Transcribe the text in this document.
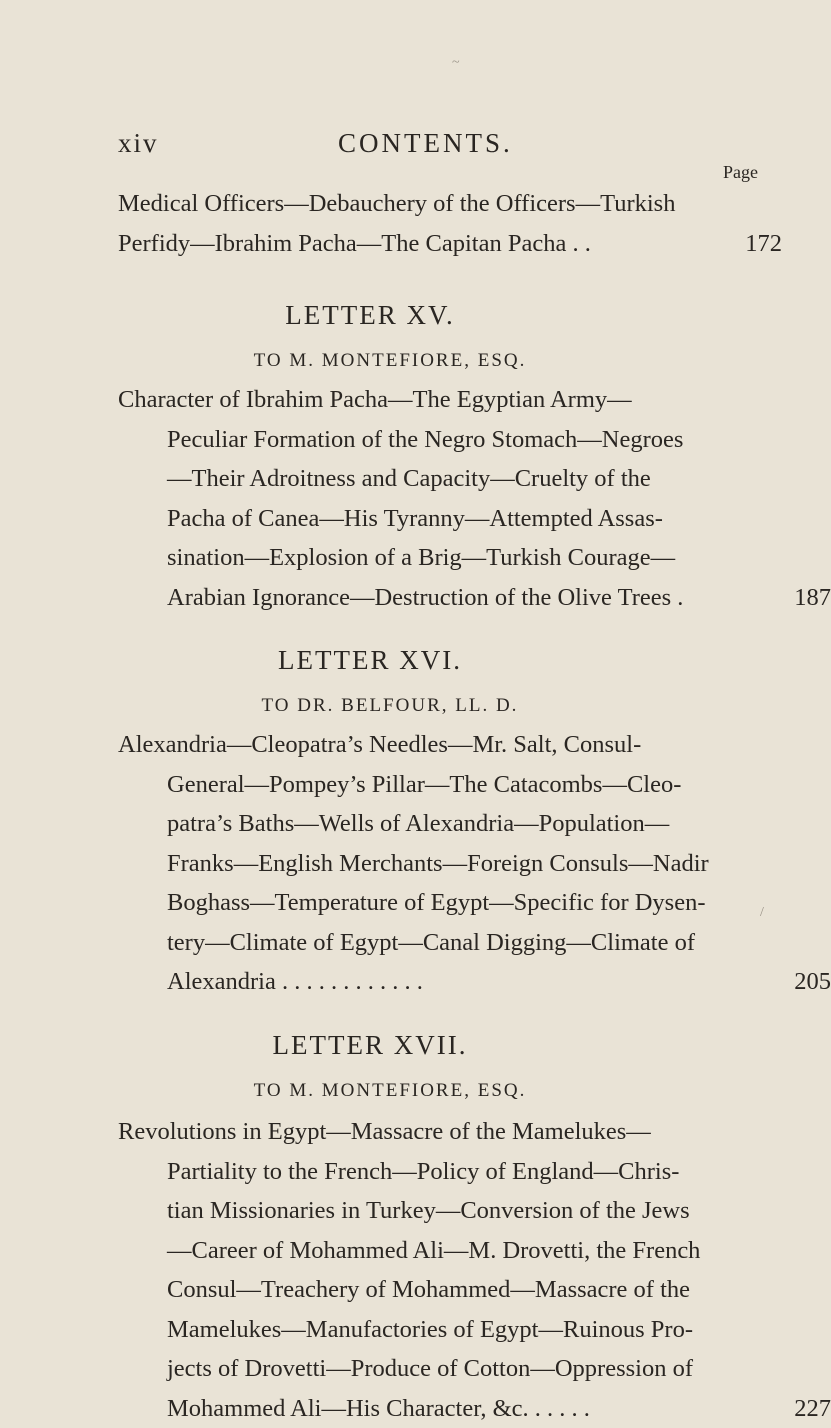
xiv	CONTENTS.
Page
Medical Officers—Debauchery of the Officers—Turkish
Perfidy—Ibrahim Pacha—The Capitan Pacha . .	172
LETTER XV.
TO M. MONTEFIORE, ESQ.
Character of Ibrahim Pacha—The Egyptian Army—
Peculiar Formation of the Negro Stomach—Negroes
—Their Adroitness and Capacity—Cruelty of the
Pacha of Canea—His Tyranny—Attempted Assas-
sination—Explosion of a Brig—Turkish Courage—
Arabian Ignorance—Destruction of the Olive Trees .	187
LETTER XVI.
TO DR. BELFOUR, LL. D.
Alexandria—Cleopatra’s Needles—Mr. Salt, Consul-
General—Pompey’s Pillar—The Catacombs—Cleo-
patra’s Baths—Wells of Alexandria—Population—
Franks—English Merchants—Foreign Consuls—Nadir
Boghass—Temperature of Egypt—Specific for Dysen-
tery—Climate of Egypt—Canal Digging—Climate of
Alexandria . . . . . . . . . . . .	205
LETTER XVII.
TO M. MONTEFIORE, ESQ.
Revolutions in Egypt—Massacre of the Mamelukes—
Partiality to the French—Policy of England—Chris-
tian Missionaries in Turkey—Conversion of the Jews
—Career of Mohammed Ali—M. Drovetti, the French
Consul—Treachery of Mohammed—Massacre of the
Mamelukes—Manufactories of Egypt—Ruinous Pro-
jects of Drovetti—Produce of Cotton—Oppression of
Mohammed Ali—His Character, &c. . . . . .	227
~
/
